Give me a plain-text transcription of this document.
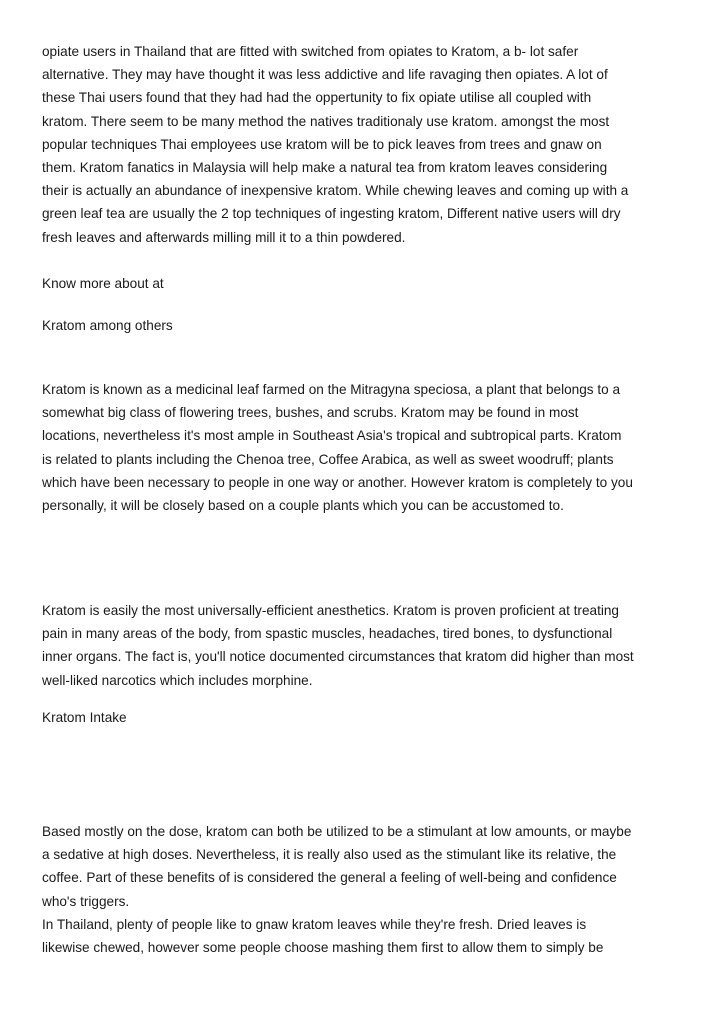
opiate users in Thailand that are fitted with switched from opiates to Kratom, a b- lot safer
alternative. They may have thought it was less addictive and life ravaging then opiates. A lot of
these Thai users found that they had had the oppertunity to fix opiate utilise all coupled with
kratom. There seem to be many method the natives traditionaly use kratom. amongst the most
popular techniques Thai employees use kratom will be to pick leaves from trees and gnaw on
them. Kratom fanatics in Malaysia will help make a natural tea from kratom leaves considering
their is actually an abundance of inexpensive kratom. While chewing leaves and coming up with a
green leaf tea are usually the 2 top techniques of ingesting kratom, Different native users will dry
fresh leaves and afterwards milling mill it to a thin powdered.
Know more about at
Kratom among others
Kratom is known as a medicinal leaf farmed on the Mitragyna speciosa, a plant that belongs to a
somewhat big class of flowering trees, bushes, and scrubs. Kratom may be found in most
locations, nevertheless it's most ample in Southeast Asia's tropical and subtropical parts. Kratom
is related to plants including the Chenoa tree, Coffee Arabica, as well as sweet woodruff; plants
which have been necessary to people in one way or another. However kratom is completely to you
personally, it will be closely based on a couple plants which you can be accustomed to.
Kratom is easily the most universally-efficient anesthetics. Kratom is proven proficient at treating
pain in many areas of the body, from spastic muscles, headaches, tired bones, to dysfunctional
inner organs. The fact is, you'll notice documented circumstances that kratom did higher than most
well-liked narcotics which includes morphine.
Kratom Intake
Based mostly on the dose, kratom can both be utilized to be a stimulant at low amounts, or maybe
a sedative at high doses. Nevertheless, it is really also used as the stimulant like its relative, the
coffee. Part of these benefits of is considered the general a feeling of well-being and confidence
who's triggers.
In Thailand, plenty of people like to gnaw kratom leaves while they're fresh. Dried leaves is
likewise chewed, however some people choose mashing them first to allow them to simply be
